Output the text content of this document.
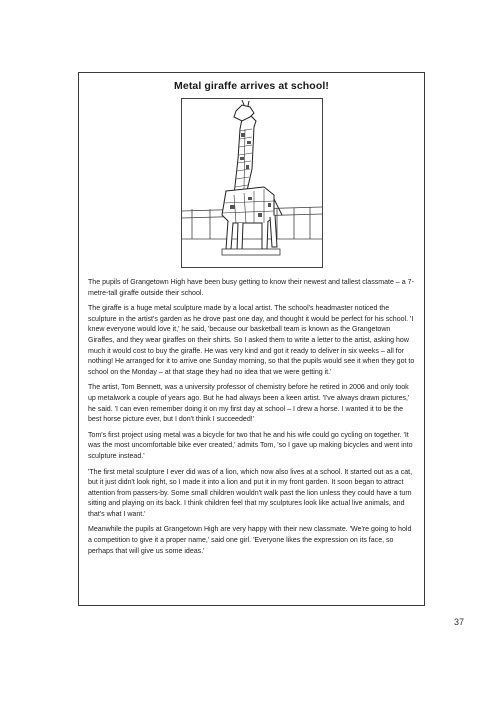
Metal giraffe arrives at school!

The pupils of Grangetown High have been busy getting to know their newest and tallest classmate – a 7-metre-tall giraffe outside their school.

The giraffe is a huge metal sculpture made by a local artist. The school's headmaster noticed the sculpture in the artist's garden as he drove past one day, and thought it would be perfect for his school. 'I knew everyone would love it,' he said, 'because our basketball team is known as the Grangetown Giraffes, and they wear giraffes on their shirts. So I asked them to write a letter to the artist, asking how much it would cost to buy the giraffe. He was very kind and got it ready to deliver in six weeks – all for nothing! He arranged for it to arrive one Sunday morning, so that the pupils would see it when they got to school on the Monday – at that stage they had no idea that we were getting it.'

The artist, Tom Bennett, was a university professor of chemistry before he retired in 2006 and only took up metalwork a couple of years ago. But he had always been a keen artist. 'I've always drawn pictures,' he said. 'I can even remember doing it on my first day at school – I drew a horse. I wanted it to be the best horse picture ever, but I don't think I succeeded!'

Tom's first project using metal was a bicycle for two that he and his wife could go cycling on together. 'It was the most uncomfortable bike ever created,' admits Tom, 'so I gave up making bicycles and went into sculpture instead.'

'The first metal sculpture I ever did was of a lion, which now also lives at a school. It started out as a cat, but it just didn't look right, so I made it into a lion and put it in my front garden. It soon began to attract attention from passers-by. Some small children wouldn't walk past the lion unless they could have a turn sitting and playing on its back. I think children feel that my sculptures look like actual live animals, and that's what I want.'

Meanwhile the pupils at Grangetown High are very happy with their new classmate. 'We're going to hold a competition to give it a proper name,' said one girl. 'Everyone likes the expression on its face, so perhaps that will give us some ideas.'

37
